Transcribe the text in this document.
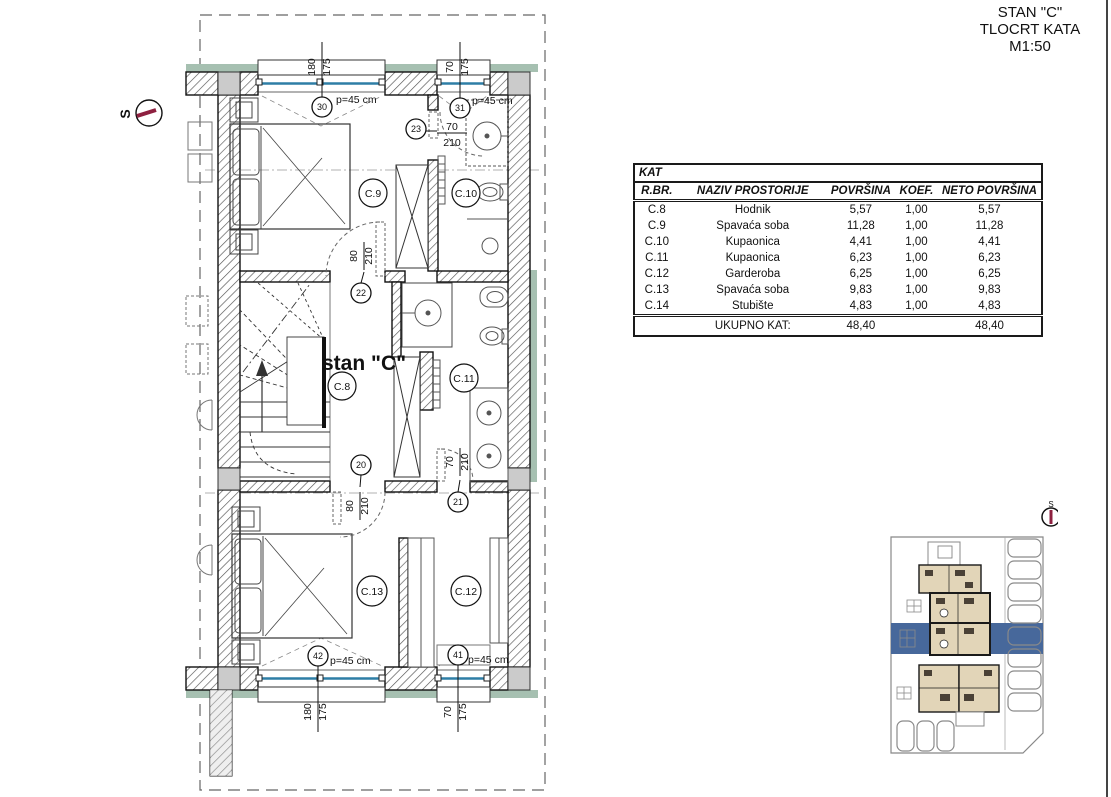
STAN "C"
TLOCRT KATA
M1:50
KAT				
R.BR.	NAZIV PROSTORIJE	POVRŠINA	KOEF.	NETO POVRŠINA
C.8	Hodnik	5,57	1,00	5,57
C.9	Spavaća soba	11,28	1,00	11,28
C.10	Kupaonica	4,41	1,00	4,41
C.11	Kupaonica	6,23	1,00	6,23
C.12	Garderoba	6,25	1,00	6,25
C.13	Spavaća soba	9,83	1,00	9,83
C.14	Stubište	4,83	1,00	4,83
	UKUPNO KAT:	48,40		48,40
S
180 175	70 175
180 175	70 175
80 210
80 210
70 210
70
210
p=45 cm	p=45 cm
p=45 cm	p=45 cm
30	31
23
22
20
21
42	41
C.9	C.10
C.8
C.11
C.13	C.12
stan "C"
S
